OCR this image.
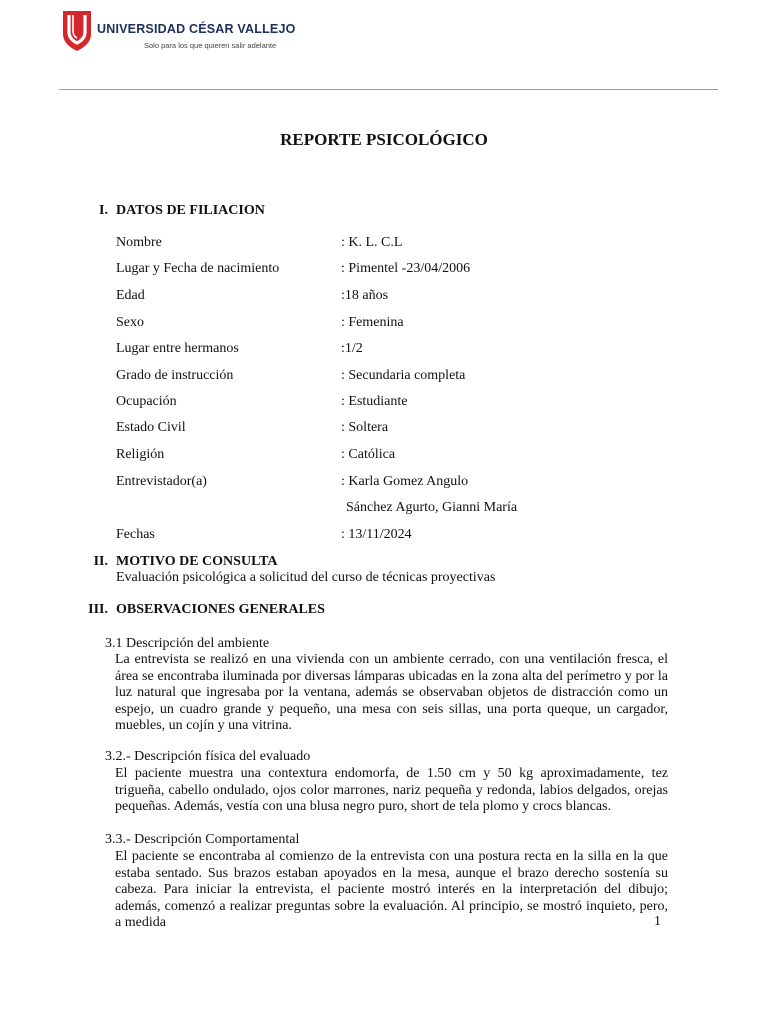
UNIVERSIDAD CÉSAR VALLEJO
Solo para los que quieren salir adelante
REPORTE PSICOLÓGICO
I. DATOS DE FILIACION
Nombre	: K. L. C.L
Lugar y Fecha de nacimiento	: Pimentel -23/04/2006
Edad	:18 años
Sexo	: Femenina
Lugar entre hermanos	:1/2
Grado de instrucción	: Secundaria completa
Ocupación	: Estudiante
Estado Civil	: Soltera
Religión	: Católica
Entrevistador(a)	: Karla Gomez Angulo
Sánchez Agurto, Gianni María
Fechas	: 13/11/2024
II. MOTIVO DE CONSULTA
Evaluación psicológica a solicitud del curso de técnicas proyectivas
III. OBSERVACIONES GENERALES
3.1 Descripción del ambiente
La entrevista se realizó en una vivienda con un ambiente cerrado, con una ventilación fresca, el área se encontraba iluminada por diversas lámparas ubicadas en la zona alta del perímetro y por la luz natural que ingresaba por la ventana, además se observaban objetos de distracción como un espejo, un cuadro grande y pequeño, una mesa con seis sillas, una porta queque, un cargador, muebles, un cojín y una vitrina.
3.2.- Descripción física del evaluado
El paciente muestra una contextura endomorfa, de 1.50 cm y 50 kg aproximadamente, tez trigueña, cabello ondulado, ojos color marrones, nariz pequeña y redonda, labios delgados, orejas pequeñas. Además, vestía con una blusa negro puro, short de tela plomo y crocs blancas.
3.3.- Descripción Comportamental
El paciente se encontraba al comienzo de la entrevista con una postura recta en la silla en la que estaba sentado. Sus brazos estaban apoyados en la mesa, aunque el brazo derecho sostenía su cabeza. Para iniciar la entrevista, el paciente mostró interés en la interpretación del dibujo; además, comenzó a realizar preguntas sobre la evaluación. Al principio, se mostró inquieto, pero, a medida	1
